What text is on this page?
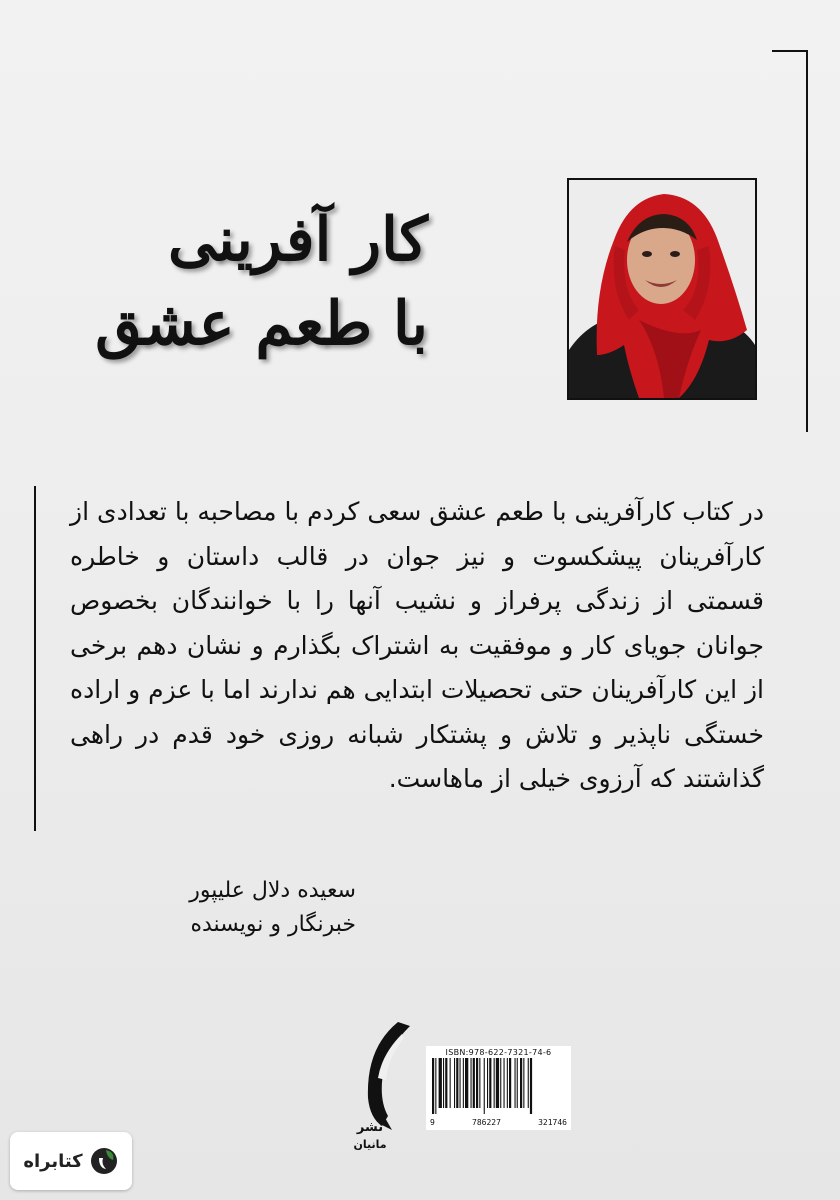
کار آفرینی
با طعم عشق
در کتاب کارآفرینی با طعم عشق سعی کردم با مصاحبه با تعدادی از کارآفرینان پیشکسوت و نیز جوان در قالب داستان و خاطره قسمتی از زندگی پرفراز و نشیب آنها را با خوانندگان بخصوص جوانان جویای کار و موفقیت به اشتراک بگذارم و نشان دهم برخی از این کارآفرینان حتی تحصیلات ابتدایی هم ندارند اما با عزم و اراده خستگی ناپذیر و تلاش و پشتکار شبانه روزی خود قدم در راهی گذاشتند که آرزوی خیلی از ماهاست.
سعیده دلال علیپور
خبرنگار و نویسنده
نشر
مانیان
ISBN:978-622-7321-74-6
9	786227	321746
کتابراه
